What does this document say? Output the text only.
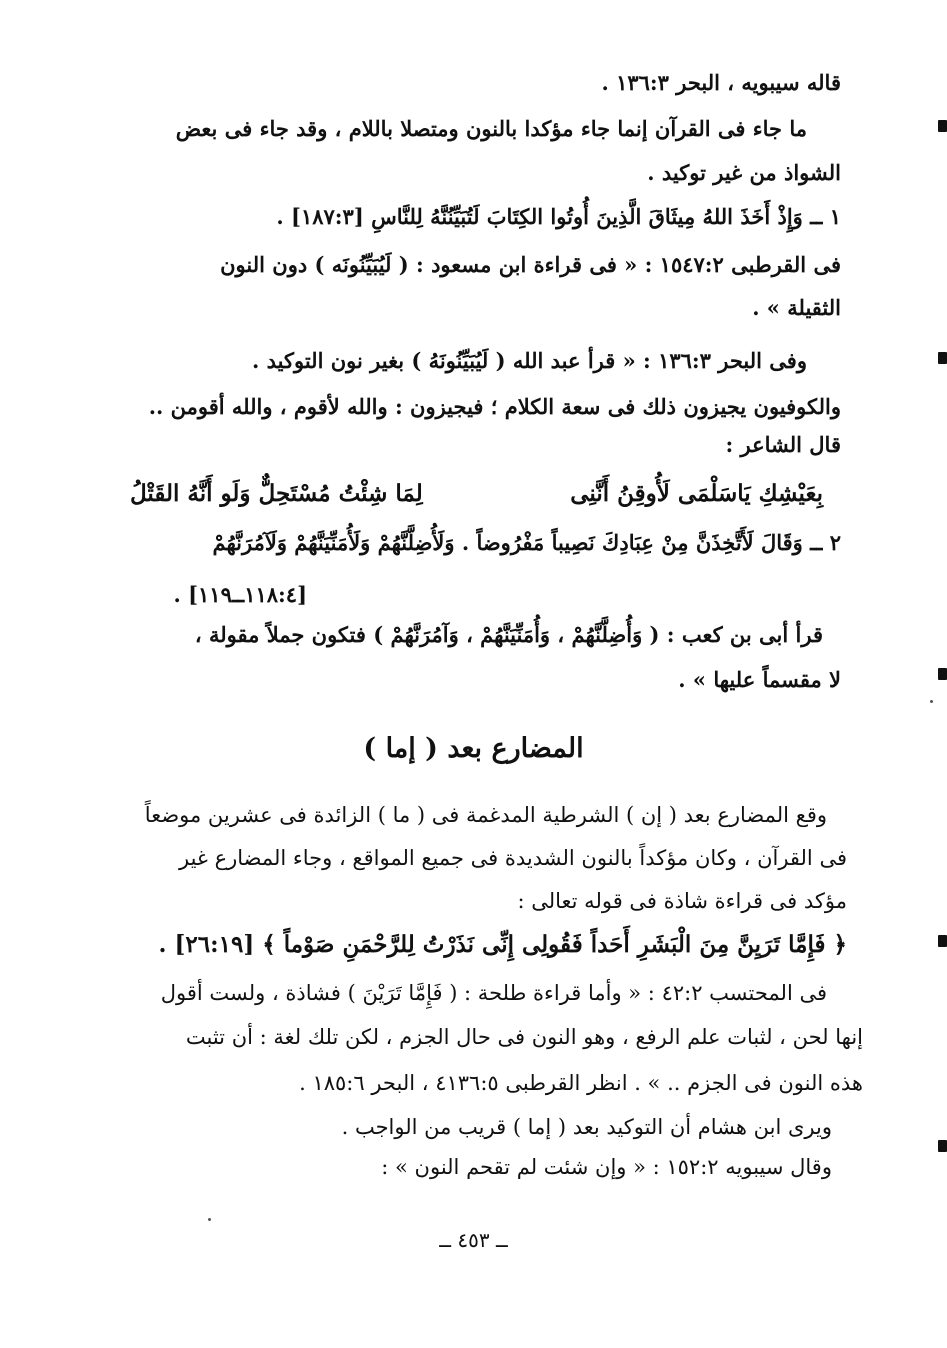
قاله سيبويه ، البحر ١٣٦:٣ .
ما جاء فى القرآن إنما جاء مؤكدا بالنون ومتصلا باللام ، وقد جاء فى بعض
الشواذ من غير توكيد .
١ ــ وَإِذْ أَخَذَ اللهُ مِيثَاقَ الَّذِينَ أُوتُوا الكِتَابَ لَتُبَيِّنُنَّهُ لِلنَّاسِ [١٨٧:٣] .
فى القرطبى ١٥٤٧:٢ : « فى قراءة ابن مسعود : ( لَيُبَيِّنُونَه ) دون النون
الثقيلة » .
وفى البحر ١٣٦:٣ : « قرأ عبد الله ( لَيُبَيِّنُونَهُ ) بغير نون التوكيد .
والكوفيون يجيزون ذلك فى سعة الكلام ؛ فيجيزون : والله لأقوم ، والله أقومن ..
قال الشاعر :
بِعَيْشِكِ يَاسَلْمَى لَأُوقِنُ أَنَّنِى
لِمَا شِئْتُ مُسْتَحِلٌّ وَلَو أَنَّهُ القَتْلُ
٢ ــ وَقَالَ لَأَتَّخِذَنَّ مِنْ عِبَادِكَ نَصِيباً مَفْرُوضاً . وَلَأُضِلَّنَّهُمْ وَلَأُمَنِّيَنَّهُمْ وَلَآمُرَنَّهُمْ
[١١٨:٤ــ١١٩] .
قرأ أبى بن كعب : ( وَأُضِلَّنَّهُمْ ، وَأُمَنِّيَنَّهُمْ ، وَآمُرَنَّهُمْ ) فتكون جملاً مقولة ،
لا مقسماً عليها » .
المضارع بعد ( إما )
وقع المضارع بعد ( إن ) الشرطية المدغمة فى ( ما ) الزائدة فى عشرين موضعاً
فى القرآن ، وكان مؤكداً بالنون الشديدة فى جميع المواقع ، وجاء المضارع غير
مؤكد فى قراءة شاذة فى قوله تعالى :
﴿ فَإِمَّا تَرَيِنَّ مِنَ الْبَشَرِ أَحَداً فَقُولِى إِنِّى نَذَرْتُ لِلرَّحْمَنِ صَوْماً ﴾ [٢٦:١٩] .
فى المحتسب ٤٢:٢ : « وأما قراءة طلحة : ( فَإِمَّا تَرَيْنَ ) فشاذة ، ولست أقول
إنها لحن ، لثبات علم الرفع ، وهو النون فى حال الجزم ، لكن تلك لغة : أن تثبت
هذه النون فى الجزم .. » . انظر القرطبى ٤١٣٦:٥ ، البحر ١٨٥:٦ .
ويرى ابن هشام أن التوكيد بعد ( إما ) قريب من الواجب .
وقال سيبويه ١٥٢:٢ : « وإن شئت لم تقحم النون » :
ــ ٤٥٣ ــ
